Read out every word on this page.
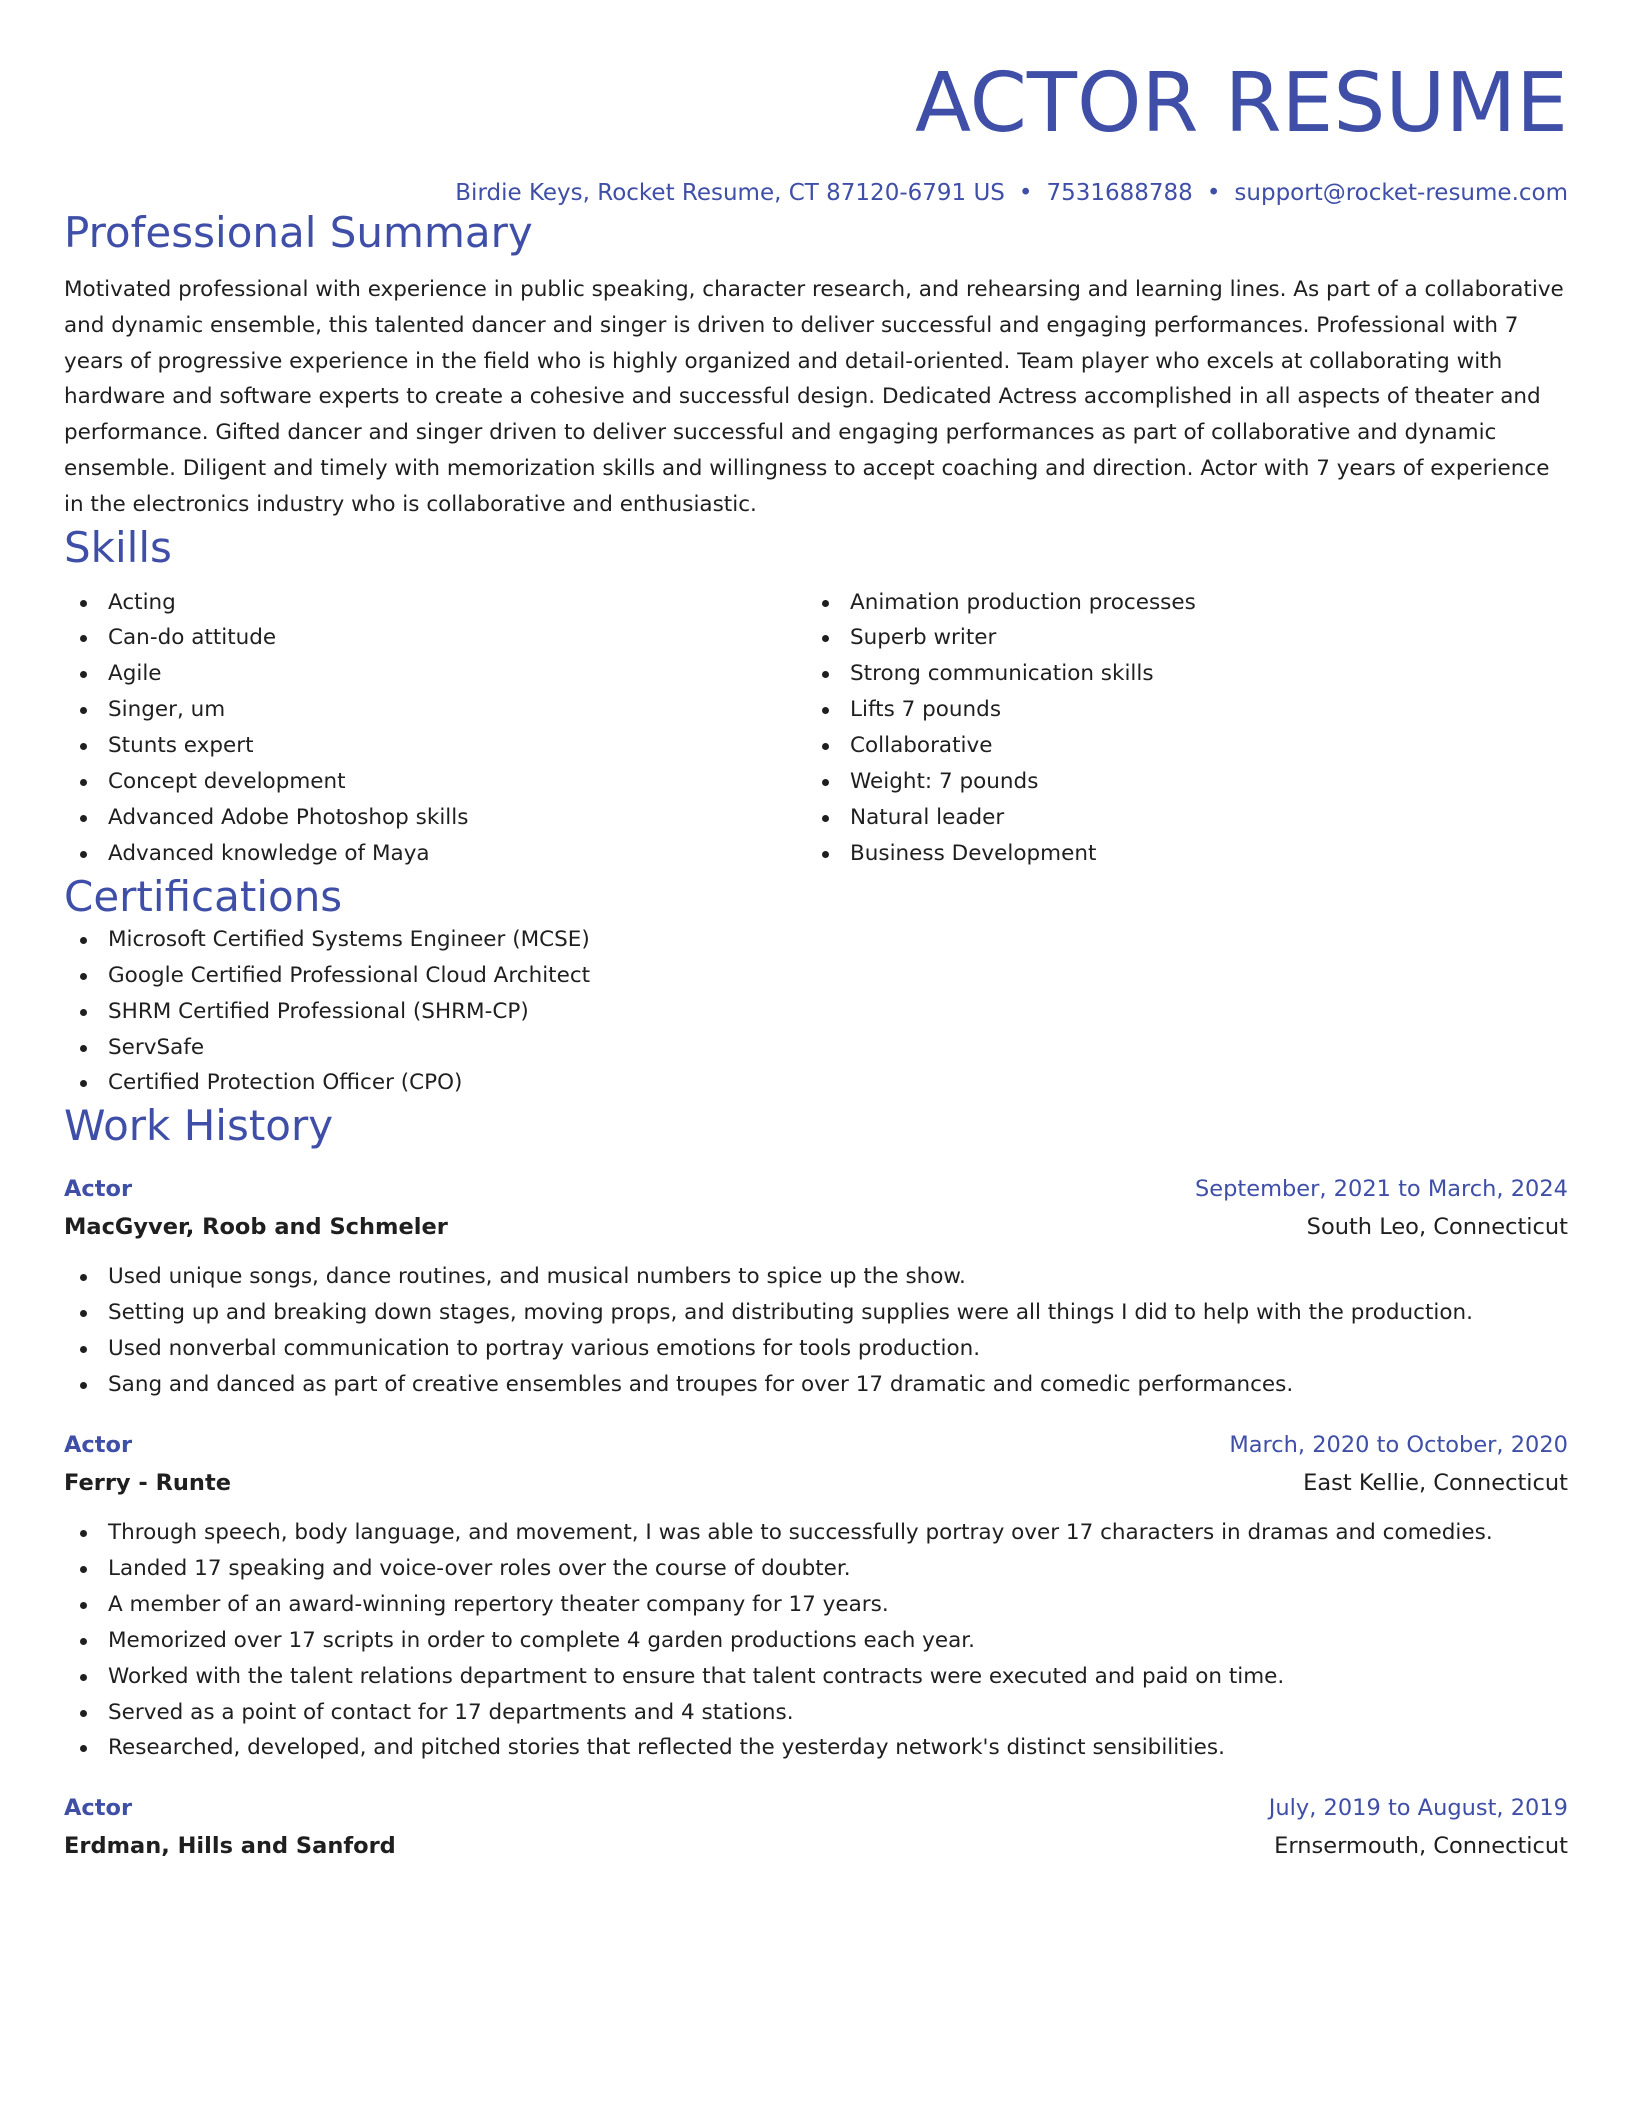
ACTOR RESUME
Birdie Keys, Rocket Resume, CT 87120-6791 US • 7531688788 • support@rocket-resume.com
Professional Summary
Motivated professional with experience in public speaking, character research, and rehearsing and learning lines. As part of a collaborative and dynamic ensemble, this talented dancer and singer is driven to deliver successful and engaging performances. Professional with 7 years of progressive experience in the field who is highly organized and detail-oriented. Team player who excels at collaborating with hardware and software experts to create a cohesive and successful design. Dedicated Actress accomplished in all aspects of theater and performance. Gifted dancer and singer driven to deliver successful and engaging performances as part of collaborative and dynamic ensemble. Diligent and timely with memorization skills and willingness to accept coaching and direction. Actor with 7 years of experience in the electronics industry who is collaborative and enthusiastic.
Skills
Acting
Can-do attitude
Agile
Singer, um
Stunts expert
Concept development
Advanced Adobe Photoshop skills
Advanced knowledge of Maya
Animation production processes
Superb writer
Strong communication skills
Lifts 7 pounds
Collaborative
Weight: 7 pounds
Natural leader
Business Development
Certifications
Microsoft Certified Systems Engineer (MCSE)
Google Certified Professional Cloud Architect
SHRM Certified Professional (SHRM-CP)
ServSafe
Certified Protection Officer (CPO)
Work History
Actor	September, 2021 to March, 2024
MacGyver, Roob and Schmeler	South Leo, Connecticut
Used unique songs, dance routines, and musical numbers to spice up the show.
Setting up and breaking down stages, moving props, and distributing supplies were all things I did to help with the production.
Used nonverbal communication to portray various emotions for tools production.
Sang and danced as part of creative ensembles and troupes for over 17 dramatic and comedic performances.
Actor	March, 2020 to October, 2020
Ferry - Runte	East Kellie, Connecticut
Through speech, body language, and movement, I was able to successfully portray over 17 characters in dramas and comedies.
Landed 17 speaking and voice-over roles over the course of doubter.
A member of an award-winning repertory theater company for 17 years.
Memorized over 17 scripts in order to complete 4 garden productions each year.
Worked with the talent relations department to ensure that talent contracts were executed and paid on time.
Served as a point of contact for 17 departments and 4 stations.
Researched, developed, and pitched stories that reflected the yesterday network's distinct sensibilities.
Actor	July, 2019 to August, 2019
Erdman, Hills and Sanford	Ernsermouth, Connecticut
